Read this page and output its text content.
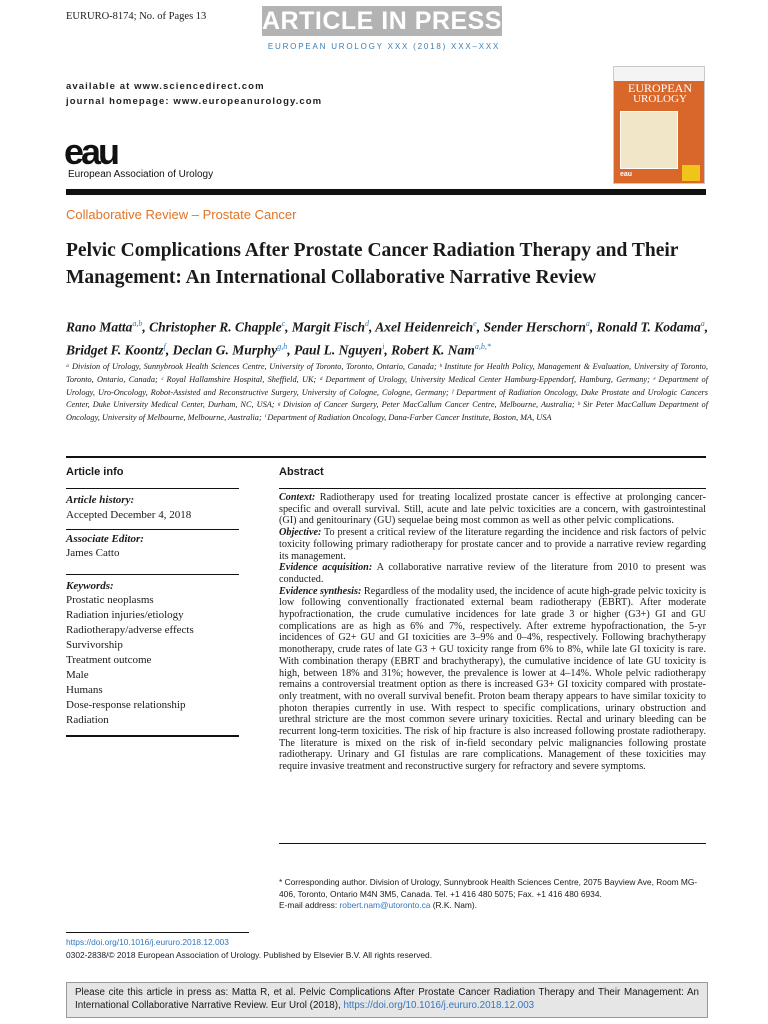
EURURO-8174; No. of Pages 13 ARTICLE IN PRESS
EUROPEAN UROLOGY XXX (2018) XXX–XXX
available at www.sciencedirect.com
journal homepage: www.europeanurology.com
eau
European Association of Urology
EUROPEAN
UROLOGY
eau
Collaborative Review – Prostate Cancer
Pelvic Complications After Prostate Cancer Radiation Therapy and Their Management: An International Collaborative Narrative Review
Rano Matta$^{a,b}$, Christopher R. Chapple$^c$, Margit Fisch$^d$, Axel Heidenreich$^e$, Sender Herschorn$^a$, Ronald T. Kodama$^a$, Bridget F. Koontz$^f$, Declan G. Murphy$^{g,h}$, Paul L. Nguyen$^i$, Robert K. Nam$^{a,b,*}$
ᵃ Division of Urology, Sunnybrook Health Sciences Centre, University of Toronto, Toronto, Ontario, Canada; ᵇ Institute for Health Policy, Management & Evaluation, University of Toronto, Toronto, Ontario, Canada; ᶜ Royal Hallamshire Hospital, Sheffield, UK; ᵈ Department of Urology, University Medical Center Hamburg-Eppendorf, Hamburg, Germany; ᵉ Department of Urology, Uro-Oncology, Robot-Assisted and Reconstructive Surgery, University of Cologne, Cologne, Germany; ᶠ Department of Radiation Oncology, Duke Prostate and Urologic Cancers Center, Duke University Medical Center, Durham, NC, USA; ᵍ Division of Cancer Surgery, Peter MacCallum Cancer Centre, Melbourne, Australia; ʰ Sir Peter MacCallum Department of Oncology, University of Melbourne, Melbourne, Australia; ⁱ Department of Radiation Oncology, Dana-Farber Cancer Institute, Boston, MA, USA
Article info
Article history:
Accepted December 4, 2018
Associate Editor:
James Catto
Keywords:
Prostatic neoplasms
Radiation injuries/etiology
Radiotherapy/adverse effects
Survivorship
Treatment outcome
Male
Humans
Dose-response relationship
Radiation
Abstract
Context: Radiotherapy used for treating localized prostate cancer is effective at prolonging cancer-specific and overall survival. Still, acute and late pelvic toxicities are a concern, with gastrointestinal (GI) and genitourinary (GU) sequelae being most common as well as other pelvic complications.
Objective: To present a critical review of the literature regarding the incidence and risk factors of pelvic toxicity following primary radiotherapy for prostate cancer and to provide a narrative review regarding its management.
Evidence acquisition: A collaborative narrative review of the literature from 2010 to present was conducted.
Evidence synthesis: Regardless of the modality used, the incidence of acute high-grade pelvic toxicity is low following conventionally fractionated external beam radiotherapy (EBRT). After moderate hypofractionation, the crude cumulative incidences for late grade 3 or higher (G3+) GI and GU complications are as high as 6% and 7%, respectively. After extreme hypofractionation, the 5-yr incidences of G2+ GU and GI toxicities are 3–9% and 0–4%, respectively. Following brachytherapy monotherapy, crude rates of late G3 + GU toxicity range from 6% to 8%, while late GI toxicity is rare. With combination therapy (EBRT and brachytherapy), the cumulative incidence of late GU toxicity is high, between 18% and 31%; however, the prevalence is lower at 4–14%. Whole pelvic radiotherapy remains a controversial treatment option as there is increased G3+ GI toxicity compared with prostate-only treatment, with no overall survival benefit. Proton beam therapy appears to have similar toxicity to photon therapies currently in use. With respect to specific complications, urinary obstruction and urethral stricture are the most common severe urinary toxicities. Rectal and urinary bleeding can be recurrent long-term toxicities. The risk of hip fracture is also increased following prostate radiotherapy. The literature is mixed on the risk of in-field secondary pelvic malignancies following prostate radiotherapy. Urinary and GI fistulas are rare complications. Management of these toxicities may require invasive treatment and reconstructive surgery for refractory and severe symptoms.
* Corresponding author. Division of Urology, Sunnybrook Health Sciences Centre, 2075 Bayview Ave, Room MG-406, Toronto, Ontario M4N 3M5, Canada. Tel. +1 416 480 5075; Fax. +1 416 480 6934.
E-mail address: robert.nam@utoronto.ca (R.K. Nam).
https://doi.org/10.1016/j.eururo.2018.12.003
0302-2838/© 2018 European Association of Urology. Published by Elsevier B.V. All rights reserved.
Please cite this article in press as: Matta R, et al. Pelvic Complications After Prostate Cancer Radiation Therapy and Their Management: An International Collaborative Narrative Review. Eur Urol (2018), https://doi.org/10.1016/j.eururo.2018.12.003
